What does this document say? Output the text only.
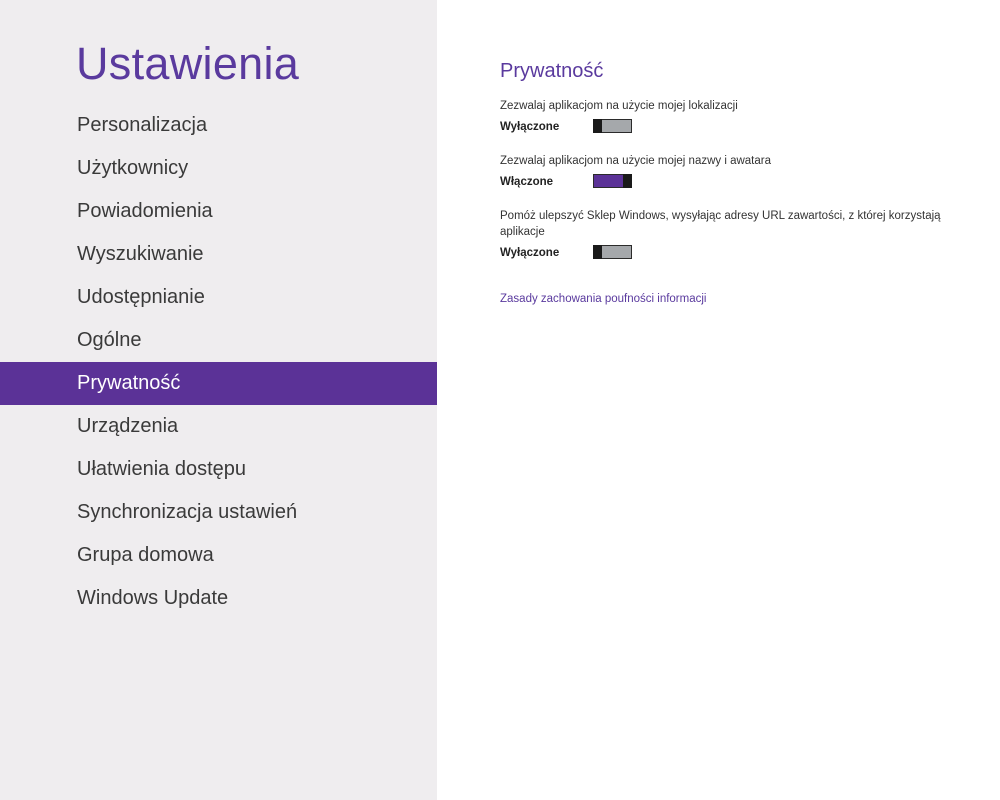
Ustawienia
Personalizacja
Użytkownicy
Powiadomienia
Wyszukiwanie
Udostępnianie
Ogólne
Prywatność
Urządzenia
Ułatwienia dostępu
Synchronizacja ustawień
Grupa domowa
Windows Update
Prywatność
Zezwalaj aplikacjom na użycie mojej lokalizacji
Wyłączone
Zezwalaj aplikacjom na użycie mojej nazwy i awatara
Włączone
Pomóż ulepszyć Sklep Windows, wysyłając adresy URL zawartości, z której korzystają aplikacje
Wyłączone
Zasady zachowania poufności informacji
